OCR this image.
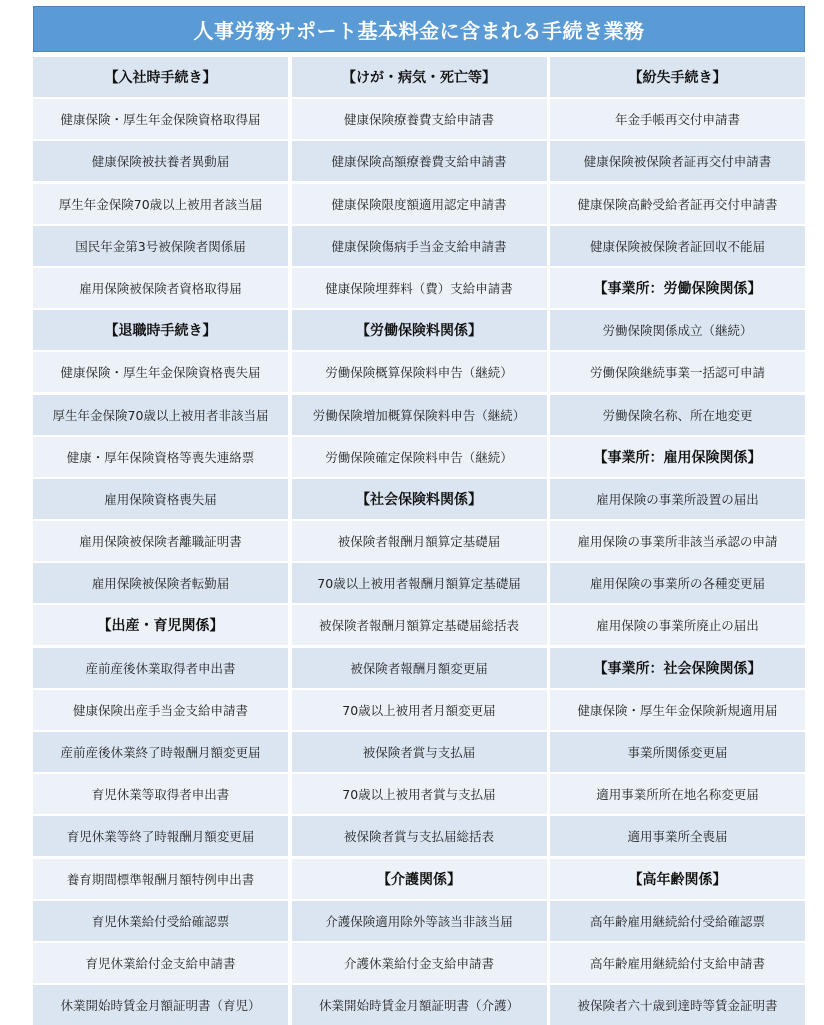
人事労務サポート基本料金に含まれる手続き業務
【入社時手続き】	【けが・病気・死亡等】	【紛失手続き】
健康保険・厚生年金保険資格取得届	健康保険療養費支給申請書	年金手帳再交付申請書
健康保険被扶養者異動届	健康保険高額療養費支給申請書	健康保険被保険者証再交付申請書
厚生年金保険70歳以上被用者該当届	健康保険限度額適用認定申請書	健康保険高齢受給者証再交付申請書
国民年金第3号被保険者関係届	健康保険傷病手当金支給申請書	健康保険被保険者証回収不能届
雇用保険被保険者資格取得届	健康保険埋葬料（費）支給申請書	【事業所：労働保険関係】
【退職時手続き】	【労働保険料関係】	労働保険関係成立（継続）
健康保険・厚生年金保険資格喪失届	労働保険概算保険料申告（継続）	労働保険継続事業一括認可申請
厚生年金保険70歳以上被用者非該当届	労働保険増加概算保険料申告（継続）	労働保険名称、所在地変更
健康・厚年保険資格等喪失連絡票	労働保険確定保険料申告（継続）	【事業所：雇用保険関係】
雇用保険資格喪失届	【社会保険料関係】	雇用保険の事業所設置の届出
雇用保険被保険者離職証明書	被保険者報酬月額算定基礎届	雇用保険の事業所非該当承認の申請
雇用保険被保険者転勤届	70歳以上被用者報酬月額算定基礎届	雇用保険の事業所の各種変更届
【出産・育児関係】	被保険者報酬月額算定基礎届総括表	雇用保険の事業所廃止の届出
産前産後休業取得者申出書	被保険者報酬月額変更届	【事業所：社会保険関係】
健康保険出産手当金支給申請書	70歳以上被用者月額変更届	健康保険・厚生年金保険新規適用届
産前産後休業終了時報酬月額変更届	被保険者賞与支払届	事業所関係変更届
育児休業等取得者申出書	70歳以上被用者賞与支払届	適用事業所所在地名称変更届
育児休業等終了時報酬月額変更届	被保険者賞与支払届総括表	適用事業所全喪届
養育期間標準報酬月額特例申出書	【介護関係】	【高年齢関係】
育児休業給付受給確認票	介護保険適用除外等該当非該当届	高年齢雇用継続給付受給確認票
育児休業給付金支給申請書	介護休業給付金支給申請書	高年齢雇用継続給付支給申請書
休業開始時賃金月額証明書（育児）	休業開始時賃金月額証明書（介護）	被保険者六十歳到達時等賃金証明書
